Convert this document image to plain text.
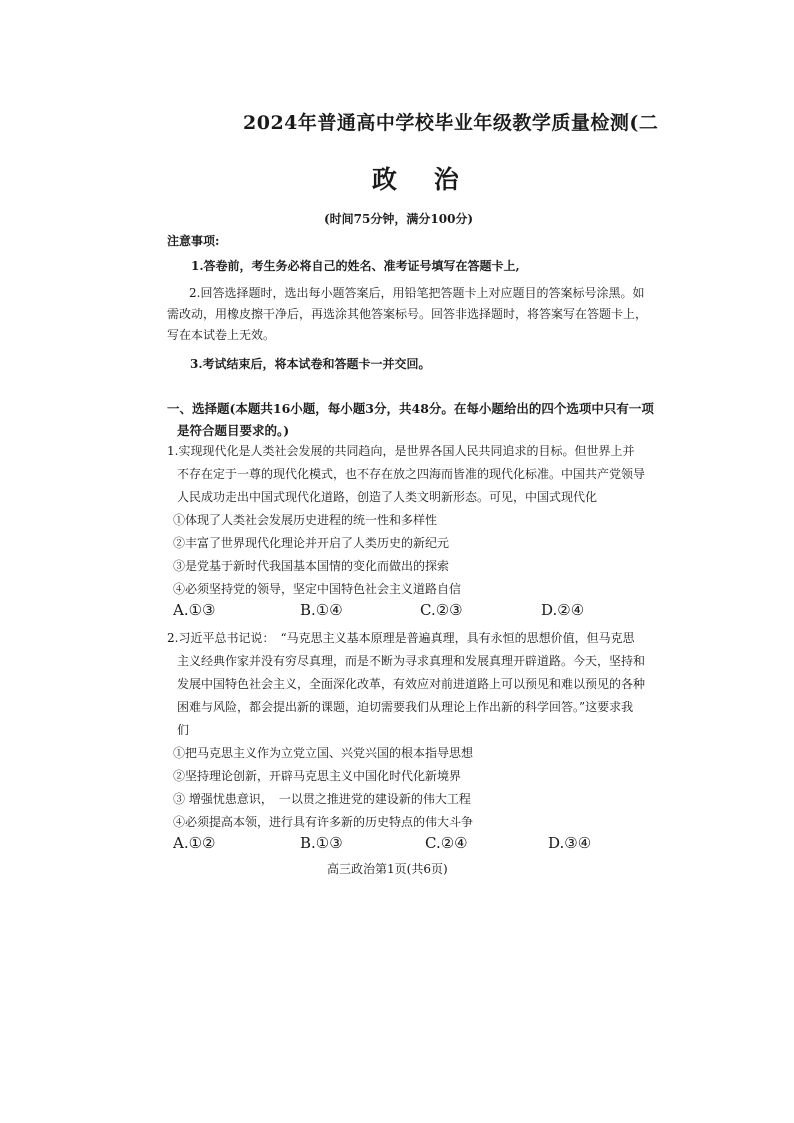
2024年普通高中学校毕业年级教学质量检测(二
政 治
(时间75分钟，满分100分)
注意事项:
1.答卷前，考生务必将自己的姓名、准考证号填写在答题卡上,
2.回答选择题时，选出每小题答案后，用铅笔把答题卡上对应题目的答案标号涂黑。如需改动，用橡皮擦干净后，再选涂其他答案标号。回答非选择题时，将答案写在答题卡上，写在本试卷上无效。
3.考试结束后，将本试卷和答题卡一并交回。
一、选择题(本题共16小题，每小题3分，共48分。在每小题给出的四个选项中只有一项是符合题目要求的。)
1.实现现代化是人类社会发展的共同趋向，是世界各国人民共同追求的目标。但世界上并不存在定于一尊的现代化模式，也不存在放之四海而皆准的现代化标准。中国共产党领导人民成功走出中国式现代化道路，创造了人类文明新形态。可见，中国式现代化
①体现了人类社会发展历史进程的统一性和多样性
②丰富了世界现代化理论并开启了人类历史的新纪元
③是党基于新时代我国基本国情的变化而做出的探索
④必须坚持党的领导，坚定中国特色社会主义道路自信
A.①③	B.①④	C.②③	D.②④
2.习近平总书记说：　“马克思主义基本原理是普遍真理，具有永恒的思想价值，但马克思主义经典作家并没有穷尽真理，而是不断为寻求真理和发展真理开辟道路。今天，坚持和发展中国特色社会主义，全面深化改革，有效应对前进道路上可以预见和难以预见的各种困难与风险，都会提出新的课题，迫切需要我们从理论上作出新的科学回答。”这要求我们
①把马克思主义作为立党立国、兴党兴国的根本指导思想
②坚持理论创新，开辟马克思主义中国化时代化新境界
③ 增强忧患意识，　一以贯之推进党的建设新的伟大工程
④必须提高本领，进行具有许多新的历史特点的伟大斗争
A.①②	B.①③	C.②④	D.③④
高三政治第1页(共6页)
